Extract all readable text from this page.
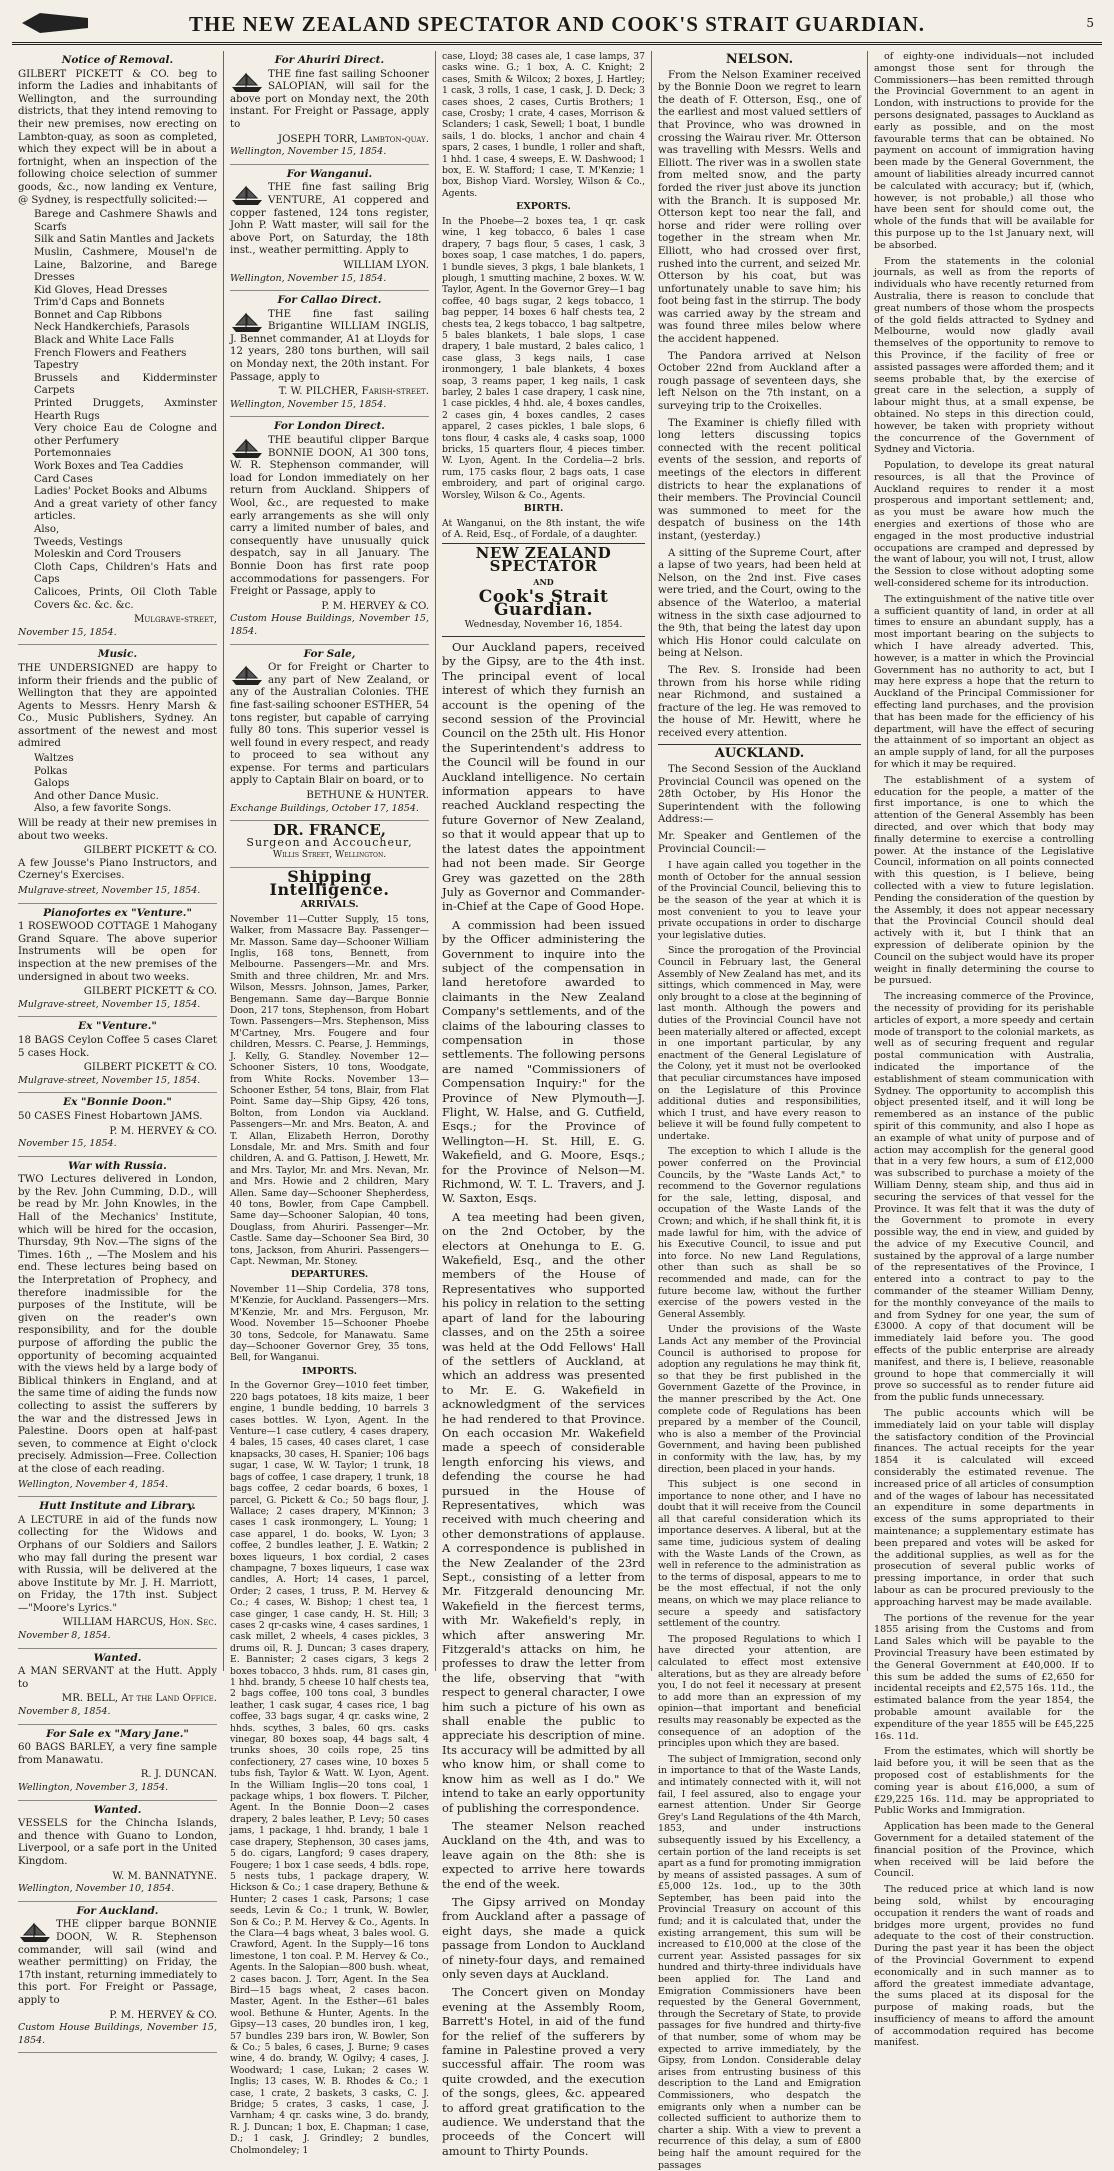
THE NEW ZEALAND SPECTATOR AND COOK'S STRAIT GUARDIAN.	5
Notice of Removal.

GILBERT PICKETT & CO. beg to inform the Ladies and inhabitants of Wellington, and the surrounding districts, that they intend removing to their new premises, now erecting on Lambton-quay, as soon as completed, which they expect will be in about a fortnight, when an inspection of the following choice selection of summer goods, &c., now landing ex Venture, @ Sydney, is respectfully solicited:—

Barege and Cashmere Shawls and Scarfs
Silk and Satin Mantles and Jackets
Muslin, Cashmere, Mousel'n de Laine, Balzorine, and Barege Dresses
Kid Gloves, Head Dresses
Trim'd Caps and Bonnets
Bonnet and Cap Ribbons
Neck Handkerchiefs, Parasols
Black and White Lace Falls
French Flowers and Feathers
Tapestry
Brussels and Kidderminster Carpets
Printed Druggets, Axminster Hearth Rugs
Very choice Eau de Cologne and other Perfumery
Portemonnaies
Work Boxes and Tea Caddies
Card Cases
Ladies' Pocket Books and Albums
And a great variety of other fancy articles.
Also,
Tweeds, Vestings
Moleskin and Cord Trousers
Cloth Caps, Children's Hats and Caps
Calicoes, Prints, Oil Cloth Table Covers &c. &c. &c.
Mulgrave-street,
November 15, 1854.
Music.

THE UNDERSIGNED are happy to inform their friends and the public of Wellington that they are appointed Agents to Messrs. Henry Marsh & Co., Music Publishers, Sydney. An assortment of the newest and most admired

Waltzes
Polkas
Galops
And other Dance Music.
Also, a few favorite Songs.

Will be ready at their new premises in about two weeks.

GILBERT PICKETT & CO.

A few Jousse's Piano Instructors, and Czerney's Exercises.

Mulgrave-street, November 15, 1854.
Pianofortes ex "Venture."

1 ROSEWOOD COTTAGE 1 Mahogany Grand Square. The above superior Instruments will be open for inspection at the new premises of the undersigned in about two weeks.

GILBERT PICKETT & CO.
Mulgrave-street, November 15, 1854.
Ex "Venture."

18 BAGS Ceylon Coffee 5 cases Claret 5 cases Hock.

GILBERT PICKETT & CO.
Mulgrave-street, November 15, 1854.
Ex "Bonnie Doon."

50 CASES Finest Hobartown JAMS.

P. M. HERVEY & CO.
November 15, 1854.
War with Russia.

TWO Lectures delivered in London, by the Rev. John Cumming, D.D., will be read by Mr. John Knowles, in the Hall of the Mechanics' Institute, which will be hired for the occasion, Thursday, 9th Nov.—The signs of the Times. 16th ,, —The Moslem and his end. These lectures being based on the Interpretation of Prophecy, and therefore inadmissible for the purposes of the Institute, will be given on the reader's own responsibility, and for the double purpose of affording the public the opportunity of becoming acquainted with the views held by a large body of Biblical thinkers in England, and at the same time of aiding the funds now collecting to assist the sufferers by the war and the distressed Jews in Palestine. Doors open at half-past seven, to commence at Eight o'clock precisely. Admission—Free. Collection at the close of each reading.

Wellington, November 4, 1854.
Hutt Institute and Library.

A LECTURE in aid of the funds now collecting for the Widows and Orphans of our Soldiers and Sailors who may fall during the present war with Russia, will be delivered at the above Institute by Mr. J. H. Marriott, on Friday, the 17th inst. Subject—"Moore's Lyrics."

WILLIAM HARCUS, Hon. Sec.
November 8, 1854.
Wanted.

A MAN SERVANT at the Hutt. Apply to

MR. BELL, At the Land Office.
November 8, 1854.
For Sale ex "Mary Jane."

60 BAGS BARLEY, a very fine sample from Manawatu.

R. J. DUNCAN.
Wellington, November 3, 1854.
Wanted.

VESSELS for the Chincha Islands, and thence with Guano to London, Liverpool, or a safe port in the United Kingdom.

W. M. BANNATYNE.
Wellington, November 10, 1854.
For Auckland.

THE clipper barque BONNIE DOON, W. R. Stephenson commander, will sail (wind and weather permitting) on Friday, the 17th instant, returning immediately to this port. For Freight or Passage, apply to

P. M. HERVEY & CO.
Custom House Buildings, November 15, 1854.
For Ahuriri Direct.

THE fine fast sailing Schooner SALOPIAN, will sail for the above port on Monday next, the 20th instant. For Freight or Passage, apply to

JOSEPH TORR, Lambton-quay.
Wellington, November 15, 1854.
For Wanganui.

THE fine fast sailing Brig VENTURE, A1 coppered and copper fastened, 124 tons register, John P. Watt master, will sail for the above Port, on Saturday, the 18th inst., weather permitting. Apply to

WILLIAM LYON.
Wellington, November 15, 1854.
For Callao Direct.

THE fine fast sailing Brigantine WILLIAM INGLIS, J. Bennet commander, A1 at Lloyds for 12 years, 280 tons burthen, will sail on Monday next, the 20th instant. For Passage, apply to

T. W. PILCHER, Farish-street.
Wellington, November 15, 1854.
For London Direct.

THE beautiful clipper Barque BONNIE DOON, A1 300 tons, W. R. Stephenson commander, will load for London immediately on her return from Auckland. Shippers of Wool, &c., are requested to make early arrangements as she will only carry a limited number of bales, and consequently have unusually quick despatch, say in all January. The Bonnie Doon has first rate poop accommodations for passengers. For Freight or Passage, apply to

P. M. HERVEY & CO.
Custom House Buildings, November 15, 1854.
For Sale,

Or for Freight or Charter to any part of New Zealand, or any of the Australian Colonies. THE fine fast-sailing schooner ESTHER, 54 tons register, but capable of carrying fully 80 tons. This superior vessel is well found in every respect, and ready to proceed to sea without any expense. For terms and particulars apply to Captain Blair on board, or to

BETHUNE & HUNTER.
Exchange Buildings, October 17, 1854.
DR. FRANCE,
Surgeon and Accoucheur,
Willis Street, Wellington.
Shipping Intelligence.
ARRIVALS.

November 11—Cutter Supply, 15 tons, Walker, from Massacre Bay. Passenger—Mr. Masson. Same day—Schooner William Inglis, 168 tons, Bennett, from Melbourne. Passengers—Mr. and Mrs. Smith and three children, Mr. and Mrs. Wilson, Messrs. Johnson, James, Parker, Bengemann. Same day—Barque Bonnie Doon, 217 tons, Stephenson, from Hobart Town. Passengers—Mrs. Stephenson, Miss M'Cartney, Mrs. Fougere and four children, Messrs. C. Pearse, J. Hemmings, J. Kelly, G. Standley. November 12—Schooner Sisters, 10 tons, Woodgate, from White Rocks. November 13—Schooner Esther, 54 tons, Blair, from Flat Point. Same day—Ship Gipsy, 426 tons, Bolton, from London via Auckland. Passengers—Mr. and Mrs. Beaton, A. and T. Allan, Elizabeth Herron, Dorothy Lonsdale, Mr. and Mrs. Smith and four children, A. and G. Pattison, J. Hewett, Mr. and Mrs. Taylor, Mr. and Mrs. Nevan, Mr. and Mrs. Howie and 2 children, Mary Allen. Same day—Schooner Shepherdess, 40 tons, Bowler, from Cape Campbell. Same day—Schooner Salopian, 40 tons, Douglass, from Ahuriri. Passenger—Mr. Castle. Same day—Schooner Sea Bird, 30 tons, Jackson, from Ahuriri. Passengers—Capt. Newman, Mr. Stoney.

DEPARTURES.

November 11—Ship Cordelia, 378 tons, M'Kenzie, for Auckland. Passengers—Mrs. M'Kenzie, Mr. and Mrs. Ferguson, Mr. Wood. November 15—Schooner Phoebe 30 tons, Sedcole, for Manawatu. Same day—Schooner Governor Grey, 35 tons, Bell, for Wanganui.

IMPORTS.

In the Governor Grey—1010 feet timber, 220 bags potatoes, 18 kits maize, 1 beer engine, 1 bundle bedding, 10 barrels 3 cases bottles. W. Lyon, Agent. In the Venture—1 case cutlery, 4 cases drapery, 4 bales, 15 cases, 40 cases claret, 1 case knapsacks, 30 cases, H. Spanier; 106 bags sugar, 1 case, W. W. Taylor; 1 trunk, 18 bags of coffee, 1 case drapery, 1 trunk, 18 bags coffee, 2 cedar boards, 6 boxes, 1 parcel, G. Pickett & Co.; 50 bags flour, J. Wallace; 2 cases drapery, M'Kinnon; 3 cases 1 cask ironmongery, L. Young; 1 case apparel, 1 do. books, W. Lyon; 3 coffee, 2 bundles leather, J. E. Watkin; 2 boxes liqueurs, 1 box cordial, 2 cases champagne, 7 boxes liqueurs, 1 case wax candles, A. Hort; 14 cases, 1 parcel, Order; 2 cases, 1 truss, P. M. Hervey & Co.; 4 cases, W. Bishop; 1 chest tea, 1 case ginger, 1 case candy, H. St. Hill; 3 cases 2 qr-casks wine, 4 cases sardines, 1 cask millet, 2 wheels, 4 cases pickles, 3 drums oil, R. J. Duncan; 3 cases drapery, E. Bannister; 2 cases cigars, 3 kegs 2 boxes tobacco, 3 hhds. rum, 81 cases gin, 1 hhd. brandy, 5 cheese 10 half chests tea, 2 bags coffee, 100 tons coal, 3 bundles leather, 1 cask sugar, 4 cases rice, 1 bag coffee, 33 bags sugar, 4 qr. casks wine, 2 hhds. scythes, 3 bales, 60 qrs. casks vinegar, 80 boxes soap, 44 bags salt, 4 trunks shoes, 30 coils rope, 25 tins confectionery, 27 cases wine, 10 boxes 5 tubs fish, Taylor & Watt. W. Lyon, Agent. In the William Inglis—20 tons coal, 1 package whips, 1 box flowers. T. Pilcher, Agent. In the Bonnie Doon—2 cases drapery, 2 bales leather, P. Levy; 50 cases jams, 1 package, 1 hhd. brandy, 1 bale 1 case drapery, Stephenson, 30 cases jams, 5 do. cigars, Langford; 9 cases drapery, Fougere; 1 box 1 case seeds, 4 bdls. rope, 5 nests tubs, 1 package drapery, W. Hickson & Co.; 1 case drapery, Bethune & Hunter; 2 cases 1 cask, Parsons; 1 case seeds, Levin & Co.; 1 trunk, W. Bowler, Son & Co.; P. M. Hervey & Co., Agents. In the Clara—4 bags wheat, 3 bales wool. G. Crawford, Agent. In the Supply—16 tons limestone, 1 ton coal. P. M. Hervey & Co., Agents. In the Salopian—800 bush. wheat, 2 cases bacon. J. Torr, Agent. In the Sea Bird—15 bags wheat, 2 cases bacon. Master, Agent. In the Esther—61 bales wool. Bethune & Hunter, Agents. In the Gipsy—13 cases, 20 bundles iron, 1 keg, 57 bundles 239 bars iron, W. Bowler, Son & Co.; 5 bales, 6 cases, J. Burne; 9 cases wine, 4 do. brandy, W. Ogilvy; 4 cases, J. Woodward; 1 case, Lukan; 2 cases W. Inglis; 13 cases, W. B. Rhodes & Co.; 1 case, 1 crate, 2 baskets, 3 casks, C. J. Bridge; 5 crates, 3 casks, 1 case, J. Varnham; 4 qr. casks wine, 3 do. brandy, R. J. Duncan; 1 box, E. Chapman; 1 case, D.; 1 cask, J. Grindley; 2 bundles, Cholmondeley; 1

case, Lloyd; 38 cases ale, 1 case lamps, 37 casks wine. G.; 1 box, A. C. Knight; 2 cases, Smith & Wilcox; 2 boxes, J. Hartley; 1 cask, 3 rolls, 1 case, 1 cask, J. D. Deck; 3 cases shoes, 2 cases, Curtis Brothers; 1 case, Crosby; 1 crate, 4 cases, Morrison & Sclanders; 1 cask, Sewell; 1 boat, 1 bundle sails, 1 do. blocks, 1 anchor and chain 4 spars, 2 cases, 1 bundle, 1 roller and shaft, 1 hhd. 1 case, 4 sweeps, E. W. Dashwood; 1 box, E. W. Stafford; 1 case, T. M'Kenzie; 1 box, Bishop Viard. Worsley, Wilson & Co., Agents.

EXPORTS.

In the Phoebe—2 boxes tea, 1 qr. cask wine, 1 keg tobacco, 6 bales 1 case drapery, 7 bags flour, 5 cases, 1 cask, 3 boxes soap, 1 case matches, 1 do. papers, 1 bundle sieves, 3 pkgs, 1 bale blankets, 1 plough, 1 smutting machine, 2 boxes. W. W. Taylor, Agent. In the Governor Grey—1 bag coffee, 40 bags sugar, 2 kegs tobacco, 1 bag pepper, 14 boxes 6 half chests tea, 2 chests tea, 2 kegs tobacco, 1 bag saltpetre, 5 bales blankets, 1 bale slops, 1 case drapery, 1 bale mustard, 2 bales calico, 1 case glass, 3 kegs nails, 1 case ironmongery, 1 bale blankets, 4 boxes soap, 3 reams paper, 1 keg nails, 1 cask barley, 2 bales 1 case drapery, 1 cask nine, 1 case pickles, 4 hhd. ale, 4 boxes candles, 2 cases gin, 4 boxes candles, 2 cases apparel, 2 cases pickles, 1 bale slops, 6 tons flour, 4 casks ale, 4 casks soap, 1000 bricks, 15 quarters flour, 4 pieces timber. W. Lyon, Agent. In the Cordelia—2 brls. rum, 175 casks flour, 2 bags oats, 1 case embroidery, and part of original cargo. Worsley, Wilson & Co., Agents.

BIRTH.

At Wanganui, on the 8th instant, the wife of A. Reid, Esq., of Fordale, of a daughter.

NEW ZEALAND SPECTATOR
AND
Cook's Strait Guardian.
Wednesday, November 16, 1854.

Our Auckland papers, received by the Gipsy, are to the 4th inst. The principal event of local interest of which they furnish an account is the opening of the second session of the Provincial Council on the 25th ult. His Honor the Superintendent's address to the Council will be found in our Auckland intelligence. No certain information appears to have reached Auckland respecting the future Governor of New Zealand, so that it would appear that up to the latest dates the appointment had not been made. Sir George Grey was gazetted on the 28th July as Governor and Commander-in-Chief at the Cape of Good Hope.

A commission had been issued by the Officer administering the Government to inquire into the subject of the compensation in land heretofore awarded to claimants in the New Zealand Company's settlements, and of the claims of the labouring classes to compensation in those settlements. The following persons are named "Commissioners of Compensation Inquiry:" for the Province of New Plymouth—J. Flight, W. Halse, and G. Cutfield, Esqs.; for the Province of Wellington—H. St. Hill, E. G. Wakefield, and G. Moore, Esqs.; for the Province of Nelson—M. Richmond, W. T. L. Travers, and J. W. Saxton, Esqs.

A tea meeting had been given, on the 2nd October, by the electors at Onehunga to E. G. Wakefield, Esq., and the other members of the House of Representatives who supported his policy in relation to the setting apart of land for the labouring classes, and on the 25th a soiree was held at the Odd Fellows' Hall of the settlers of Auckland, at which an address was presented to Mr. E. G. Wakefield in acknowledgment of the services he had rendered to that Province. On each occasion Mr. Wakefield made a speech of considerable length enforcing his views, and defending the course he had pursued in the House of Representatives, which was received with much cheering and other demonstrations of applause. A correspondence is published in the New Zealander of the 23rd Sept., consisting of a letter from Mr. Fitzgerald denouncing Mr. Wakefield in the fiercest terms, with Mr. Wakefield's reply, in which after answering Mr. Fitzgerald's attacks on him, he professes to draw the letter from the life, observing that "with respect to general character, I owe him such a picture of his own as shall enable the public to appreciate his description of mine. Its accuracy will be admitted by all who know him, or shall come to know him as well as I do." We intend to take an early opportunity of publishing the correspondence.

The steamer Nelson reached Auckland on the 4th, and was to leave again on the 8th: she is expected to arrive here towards the end of the week.

The Gipsy arrived on Monday from Auckland after a passage of eight days, she made a quick passage from London to Auckland of ninety-four days, and remained only seven days at Auckland.

The Concert given on Monday evening at the Assembly Room, Barrett's Hotel, in aid of the fund for the relief of the sufferers by famine in Palestine proved a very successful affair. The room was quite crowded, and the execution of the songs, glees, &c. appeared to afford great gratification to the audience. We understand that the proceeds of the Concert will amount to Thirty Pounds.

NELSON.

From the Nelson Examiner received by the Bonnie Doon we regret to learn the death of F. Otterson, Esq., one of the earliest and most valued settlers of that Province, who was drowned in crossing the Wairau river. Mr. Otterson was travelling with Messrs. Wells and Elliott. The river was in a swollen state from melted snow, and the party forded the river just above its junction with the Branch. It is supposed Mr. Otterson kept too near the fall, and horse and rider were rolling over together in the stream when Mr. Elliott, who had crossed over first, rushed into the current, and seized Mr. Otterson by his coat, but was unfortunately unable to save him; his foot being fast in the stirrup. The body was carried away by the stream and was found three miles below where the accident happened.

The Pandora arrived at Nelson October 22nd from Auckland after a rough passage of seventeen days, she left Nelson on the 7th instant, on a surveying trip to the Croixelles.

The Examiner is chiefly filled with long letters discussing topics connected with the recent political events of the session, and reports of meetings of the electors in different districts to hear the explanations of their members. The Provincial Council was summoned to meet for the despatch of business on the 14th instant, (yesterday.)

A sitting of the Supreme Court, after a lapse of two years, had been held at Nelson, on the 2nd inst. Five cases were tried, and the Court, owing to the absence of the Waterloo, a material witness in the sixth case adjourned to the 9th, that being the latest day upon which His Honor could calculate on being at Nelson.

The Rev. S. Ironside had been thrown from his horse while riding near Richmond, and sustained a fracture of the leg. He was removed to the house of Mr. Hewitt, where he received every attention.

AUCKLAND.

The Second Session of the Auckland Provincial Council was opened on the 28th October, by His Honor the Superintendent with the following Address:—

Mr. Speaker and Gentlemen of the Provincial Council:—

I have again called you together in the month of October for the annual session of the Provincial Council, believing this to be the season of the year at which it is most convenient to you to leave your private occupations in order to discharge your legislative duties.

Since the prorogation of the Provincial Council in February last, the General Assembly of New Zealand has met, and its sittings, which commenced in May, were only brought to a close at the beginning of last month. Although the powers and duties of the Provincial Council have not been materially altered or affected, except in one important particular, by any enactment of the General Legislature of the Colony, yet it must not be overlooked that peculiar circumstances have imposed on the Legislature of this Province additional duties and responsibilities, which I trust, and have every reason to believe it will be found fully competent to undertake.

The exception to which I allude is the power conferred on the Provincial Councils, by the "Waste Lands Act," to recommend to the Governor regulations for the sale, letting, disposal, and occupation of the Waste Lands of the Crown; and which, if he shall think fit, it is made lawful for him, with the advice of his Executive Council, to issue and put into force. No new Land Regulations, other than such as shall be so recommended and made, can for the future become law, without the further exercise of the powers vested in the General Assembly.

Under the provisions of the Waste Lands Act any member of the Provincial Council is authorised to propose for adoption any regulations he may think fit, so that they be first published in the Government Gazette of the Province, in the manner prescribed by the Act. One complete code of Regulations has been prepared by a member of the Council, who is also a member of the Provincial Government, and having been published in conformity with the law, has, by my direction, been placed in your hands.

This subject is one second in importance to none other, and I have no doubt that it will receive from the Council all that careful consideration which its importance deserves. A liberal, but at the same time, judicious system of dealing with the Waste Lands of the Crown, as well in reference to the administration as to the terms of disposal, appears to me to be the most effectual, if not the only means, on which we may place reliance to secure a speedy and satisfactory settlement of the country.

The proposed Regulations to which I have directed your attention, are calculated to effect most extensive alterations, but as they are already before you, I do not feel it necessary at present to add more than an expression of my opinion—that important and beneficial results may reasonably be expected as the consequence of an adoption of the principles upon which they are based.

The subject of Immigration, second only in importance to that of the Waste Lands, and intimately connected with it, will not fail, I feel assured, also to engage your earnest attention. Under Sir George Grey's Land Regulations of the 4th March, 1853, and under instructions subsequently issued by his Excellency, a certain portion of the land receipts is set apart as a fund for promoting immigration by means of assisted passages. A sum of £5,000 12s. 1od., up to the 30th September, has been paid into the Provincial Treasury on account of this fund; and it is calculated that, under the existing arrangement, this sum will be increased to £10,000 at the close of the current year. Assisted passages for six hundred and thirty-three individuals have been applied for. The Land and Emigration Commissioners have been requested by the General Government, through the Secretary of State, to provide passages for five hundred and thirty-five of that number, some of whom may be expected to arrive immediately, by the Gipsy, from London. Considerable delay arises from entrusting business of this description to the Land and Emigration Commissioners, who despatch the emigrants only when a number can be collected sufficient to authorize them to charter a ship. With a view to prevent a recurrence of this delay, a sum of £800 being half the amount required for the passages

of eighty-one individuals—not included amongst those sent for through the Commissioners—has been remitted through the Provincial Government to an agent in London, with instructions to provide for the persons designated, passages to Auckland as early as possible, and on the most favourable terms that can be obtained. No payment on account of immigration having been made by the General Government, the amount of liabilities already incurred cannot be calculated with accuracy; but if, (which, however, is not probable,) all those who have been sent for should come out, the whole of the funds that will be available for this purpose up to the 1st January next, will be absorbed.

From the statements in the colonial journals, as well as from the reports of individuals who have recently returned from Australia, there is reason to conclude that great numbers of those whom the prospects of the gold fields attracted to Sydney and Melbourne, would now gladly avail themselves of the opportunity to remove to this Province, if the facility of free or assisted passages were afforded them; and it seems probable that, by the exercise of great care in the selection, a supply of labour might thus, at a small expense, be obtained. No steps in this direction could, however, be taken with propriety without the concurrence of the Government of Sydney and Victoria.

Population, to develope its great natural resources, is all that the Province of Auckland requires to render it a most prosperous and important settlement; and, as you must be aware how much the energies and exertions of those who are engaged in the most productive industrial occupations are cramped and depressed by the want of labour, you will not, I trust, allow the Session to close without adopting some well-considered scheme for its introduction.

The extinguishment of the native title over a sufficient quantity of land, in order at all times to ensure an abundant supply, has a most important bearing on the subjects to which I have already adverted. This, however, is a matter in which the Provincial Government has no authority to act, but I may here express a hope that the return to Auckland of the Principal Commissioner for effecting land purchases, and the provision that has been made for the efficiency of his department, will have the effect of securing the attainment of so important an object as an ample supply of land, for all the purposes for which it may be required.

The establishment of a system of education for the people, a matter of the first importance, is one to which the attention of the General Assembly has been directed, and over which that body may finally determine to exercise a controlling power. At the instance of the Legislative Council, information on all points connected with this question, is I believe, being collected with a view to future legislation. Pending the consideration of the question by the Assembly, it does not appear necessary that the Provincial Council should deal actively with it, but I think that an expression of deliberate opinion by the Council on the subject would have its proper weight in finally determining the course to be pursued.

The increasing commerce of the Province, the necessity of providing for its perishable articles of export, a more speedy and certain mode of transport to the colonial markets, as well as of securing frequent and regular postal communication with Australia, indicated the importance of the establishment of steam communication with Sydney. The opportunity to accomplish this object presented itself, and it will long be remembered as an instance of the public spirit of this community, and also I hope as an example of what unity of purpose and of action may accomplish for the general good that in a very few hours, a sum of £12,000 was subscribed to purchase a moiety of the William Denny, steam ship, and thus aid in securing the services of that vessel for the Province. It was felt that it was the duty of the Government to promote in every possible way, the end in view, and guided by the advice of my Executive Council, and sustained by the approval of a large number of the representatives of the Province, I entered into a contract to pay to the commander of the steamer William Denny, for the monthly conveyance of the mails to and from Sydney for one year, the sum of £3000. A copy of that document will be immediately laid before you. The good effects of the public enterprise are already manifest, and there is, I believe, reasonable ground to hope that commercially it will prove so successful as to render future aid from the public funds unnecessary.

The public accounts which will be immediately laid on your table will display the satisfactory condition of the Provincial finances. The actual receipts for the year 1854 it is calculated will exceed considerably the estimated revenue. The increased price of all articles of consumption and of the wages of labour has necessitated an expenditure in some departments in excess of the sums appropriated to their maintenance; a supplementary estimate has been prepared and votes will be asked for the additional supplies, as well as for the prosecution of several public works of pressing importance, in order that such labour as can be procured previously to the approaching harvest may be made available.

The portions of the revenue for the year 1855 arising from the Customs and from Land Sales which will be payable to the Provincial Treasury have been estimated by the General Government at £40,000. If to this sum be added the sums of £2,650 for incidental receipts and £2,575 16s. 11d., the estimated balance from the year 1854, the probable amount available for the expenditure of the year 1855 will be £45,225 16s. 11d.

From the estimates, which will shortly be laid before you, it will be seen that as the proposed cost of establishments for the coming year is about £16,000, a sum of £29,225 16s. 11d. may be appropriated to Public Works and Immigration.

Application has been made to the General Government for a detailed statement of the financial position of the Province, which when received will be laid before the Council.

The reduced price at which land is now being sold, whilst by encouraging occupation it renders the want of roads and bridges more urgent, provides no fund adequate to the cost of their construction. During the past year it has been the object of the Provincial Government to expend economically and in such manner as to afford the greatest immediate advantage, the sums placed at its disposal for the purpose of making roads, but the insufficiency of means to afford the amount of accommodation required has become manifest.
